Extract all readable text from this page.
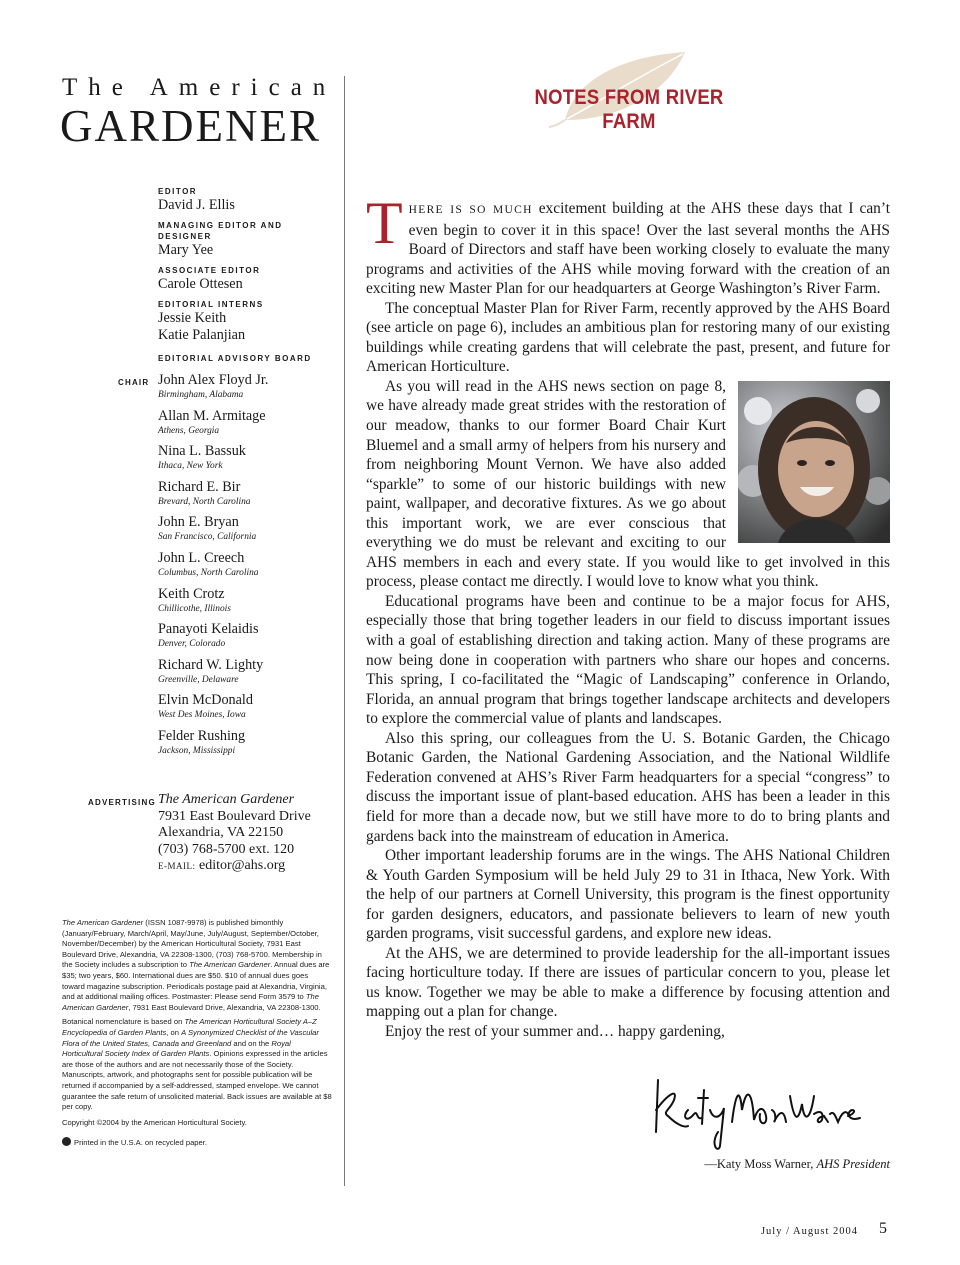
The American
GARDENER
EDITOR
David J. Ellis
MANAGING EDITOR AND DESIGNER
Mary Yee
ASSOCIATE EDITOR
Carole Ottesen
EDITORIAL INTERNS
Jessie Keith
Katie Palanjian
EDITORIAL ADVISORY BOARD
CHAIR John Alex Floyd Jr.
Birmingham, Alabama
Allan M. Armitage
Athens, Georgia
Nina L. Bassuk
Ithaca, New York
Richard E. Bir
Brevard, North Carolina
John E. Bryan
San Francisco, California
John L. Creech
Columbus, North Carolina
Keith Crotz
Chillicothe, Illinois
Panayoti Kelaidis
Denver, Colorado
Richard W. Lighty
Greenville, Delaware
Elvin McDonald
West Des Moines, Iowa
Felder Rushing
Jackson, Mississippi
ADVERTISING The American Gardener
7931 East Boulevard Drive
Alexandria, VA 22150
(703) 768-5700 ext. 120
E-MAIL: editor@ahs.org

The American Gardener (ISSN 1087-9978) is published bimonthly (January/February, March/April, May/June, July/August, September/October, November/December) by the American Horticultural Society, 7931 East Boulevard Drive, Alexandria, VA 22308-1300, (703) 768-5700. Membership in the Society includes a subscription to The American Gardener. Annual dues are $35; two years, $60. International dues are $50. $10 of annual dues goes toward magazine subscription. Periodicals postage paid at Alexandria, Virginia, and at additional mailing offices. Postmaster: Please send Form 3579 to The American Gardener, 7931 East Boulevard Drive, Alexandria, VA 22308-1300.

Botanical nomenclature is based on The American Horticultural Society A–Z Encyclopedia of Garden Plants, on A Synonymized Checklist of the Vascular Flora of the United States, Canada and Greenland and on the Royal Horticultural Society Index of Garden Plants. Opinions expressed in the articles are those of the authors and are not necessarily those of the Society. Manuscripts, artwork, and photographs sent for possible publication will be returned if accompanied by a self-addressed, stamped envelope. We cannot guarantee the safe return of unsolicited material. Back issues are available at $8 per copy.

Copyright ©2004 by the American Horticultural Society.

Printed in the U.S.A. on recycled paper.

NOTES FROM RIVER FARM

THERE IS SO MUCH excitement building at the AHS these days that I can’t even begin to cover it in this space! Over the last several months the AHS Board of Directors and staff have been working closely to evaluate the many programs and activities of the AHS while moving forward with the creation of an exciting new Master Plan for our headquarters at George Washington’s River Farm.

The conceptual Master Plan for River Farm, recently approved by the AHS Board (see article on page 6), includes an ambitious plan for restoring many of our existing buildings while creating gardens that will celebrate the past, present, and future for American Horticulture.

As you will read in the AHS news section on page 8, we have already made great strides with the restoration of our meadow, thanks to our former Board Chair Kurt Bluemel and a small army of helpers from his nursery and from neighboring Mount Vernon. We have also added “sparkle” to some of our historic buildings with new paint, wallpaper, and decorative fixtures. As we go about this important work, we are ever conscious that everything we do must be relevant and exciting to our AHS members in each and every state. If you would like to get involved in this process, please contact me directly. I would love to know what you think.

Educational programs have been and continue to be a major focus for AHS, especially those that bring together leaders in our field to discuss important issues with a goal of establishing direction and taking action. Many of these programs are now being done in cooperation with partners who share our hopes and concerns. This spring, I co-facilitated the “Magic of Landscaping” conference in Orlando, Florida, an annual program that brings together landscape architects and developers to explore the commercial value of plants and landscapes.

Also this spring, our colleagues from the U. S. Botanic Garden, the Chicago Botanic Garden, the National Gardening Association, and the National Wildlife Federation convened at AHS’s River Farm headquarters for a special “congress” to discuss the important issue of plant-based education. AHS has been a leader in this field for more than a decade now, but we still have more to do to bring plants and gardens back into the mainstream of education in America.

Other important leadership forums are in the wings. The AHS National Children & Youth Garden Symposium will be held July 29 to 31 in Ithaca, New York. With the help of our partners at Cornell University, this program is the finest opportunity for garden designers, educators, and passionate believers to learn of new youth garden programs, visit successful gardens, and explore new ideas.

At the AHS, we are determined to provide leadership for the all-important issues facing horticulture today. If there are issues of particular concern to you, please let us know. Together we may be able to make a difference by focusing attention and mapping out a plan for change.

Enjoy the rest of your summer and… happy gardening,

—Katy Moss Warner, AHS President
July / August 2004 5
